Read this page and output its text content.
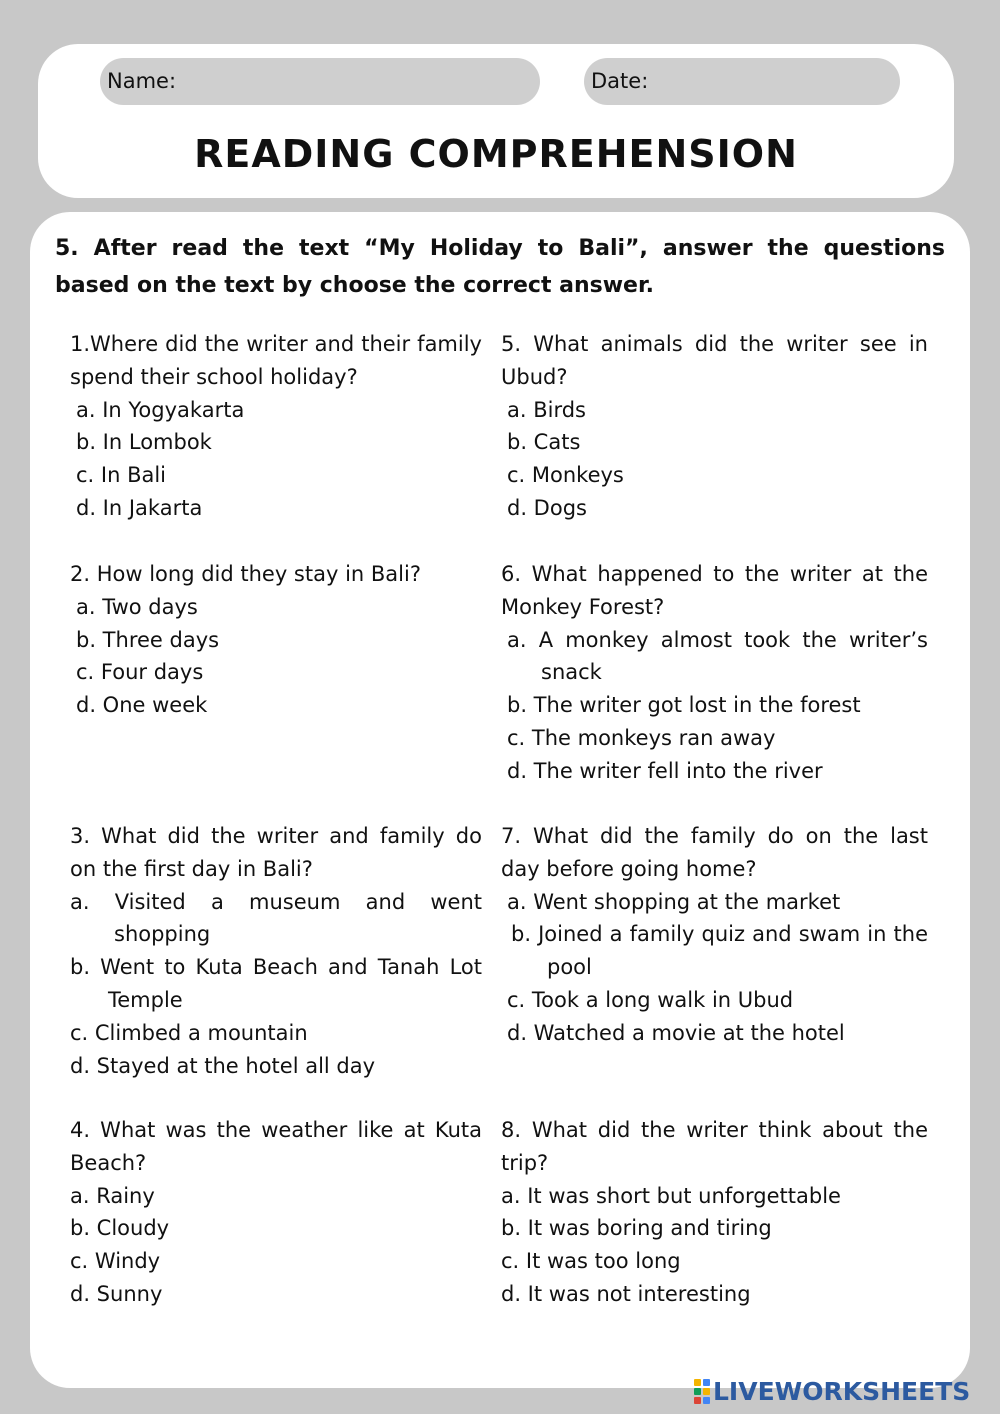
Name:	Date:
READING COMPREHENSION
5. After read the text “My Holiday to Bali”, answer the questions based on the text by choose the correct answer.
1.Where did the writer and their family spend their school holiday?
a. In Yogyakarta
b. In Lombok
c. In Bali
d. In Jakarta
2. How long did they stay in Bali?
a. Two days
b. Three days
c. Four days
d. One week
3. What did the writer and family do on the first day in Bali?
a. Visited a museum and went shopping
b. Went to Kuta Beach and Tanah Lot Temple
c. Climbed a mountain
d. Stayed at the hotel all day
4. What was the weather like at Kuta Beach?
a. Rainy
b. Cloudy
c. Windy
d. Sunny
5. What animals did the writer see in Ubud?
a. Birds
b. Cats
c. Monkeys
d. Dogs
6. What happened to the writer at the Monkey Forest?
a. A monkey almost took the writer’s snack
b. The writer got lost in the forest
c. The monkeys ran away
d. The writer fell into the river
7. What did the family do on the last day before going home?
a. Went shopping at the market
b. Joined a family quiz and swam in the pool
c. Took a long walk in Ubud
d. Watched a movie at the hotel
8. What did the writer think about the trip?
a. It was short but unforgettable
b. It was boring and tiring
c. It was too long
d. It was not interesting
LIVEWORKSHEETS
